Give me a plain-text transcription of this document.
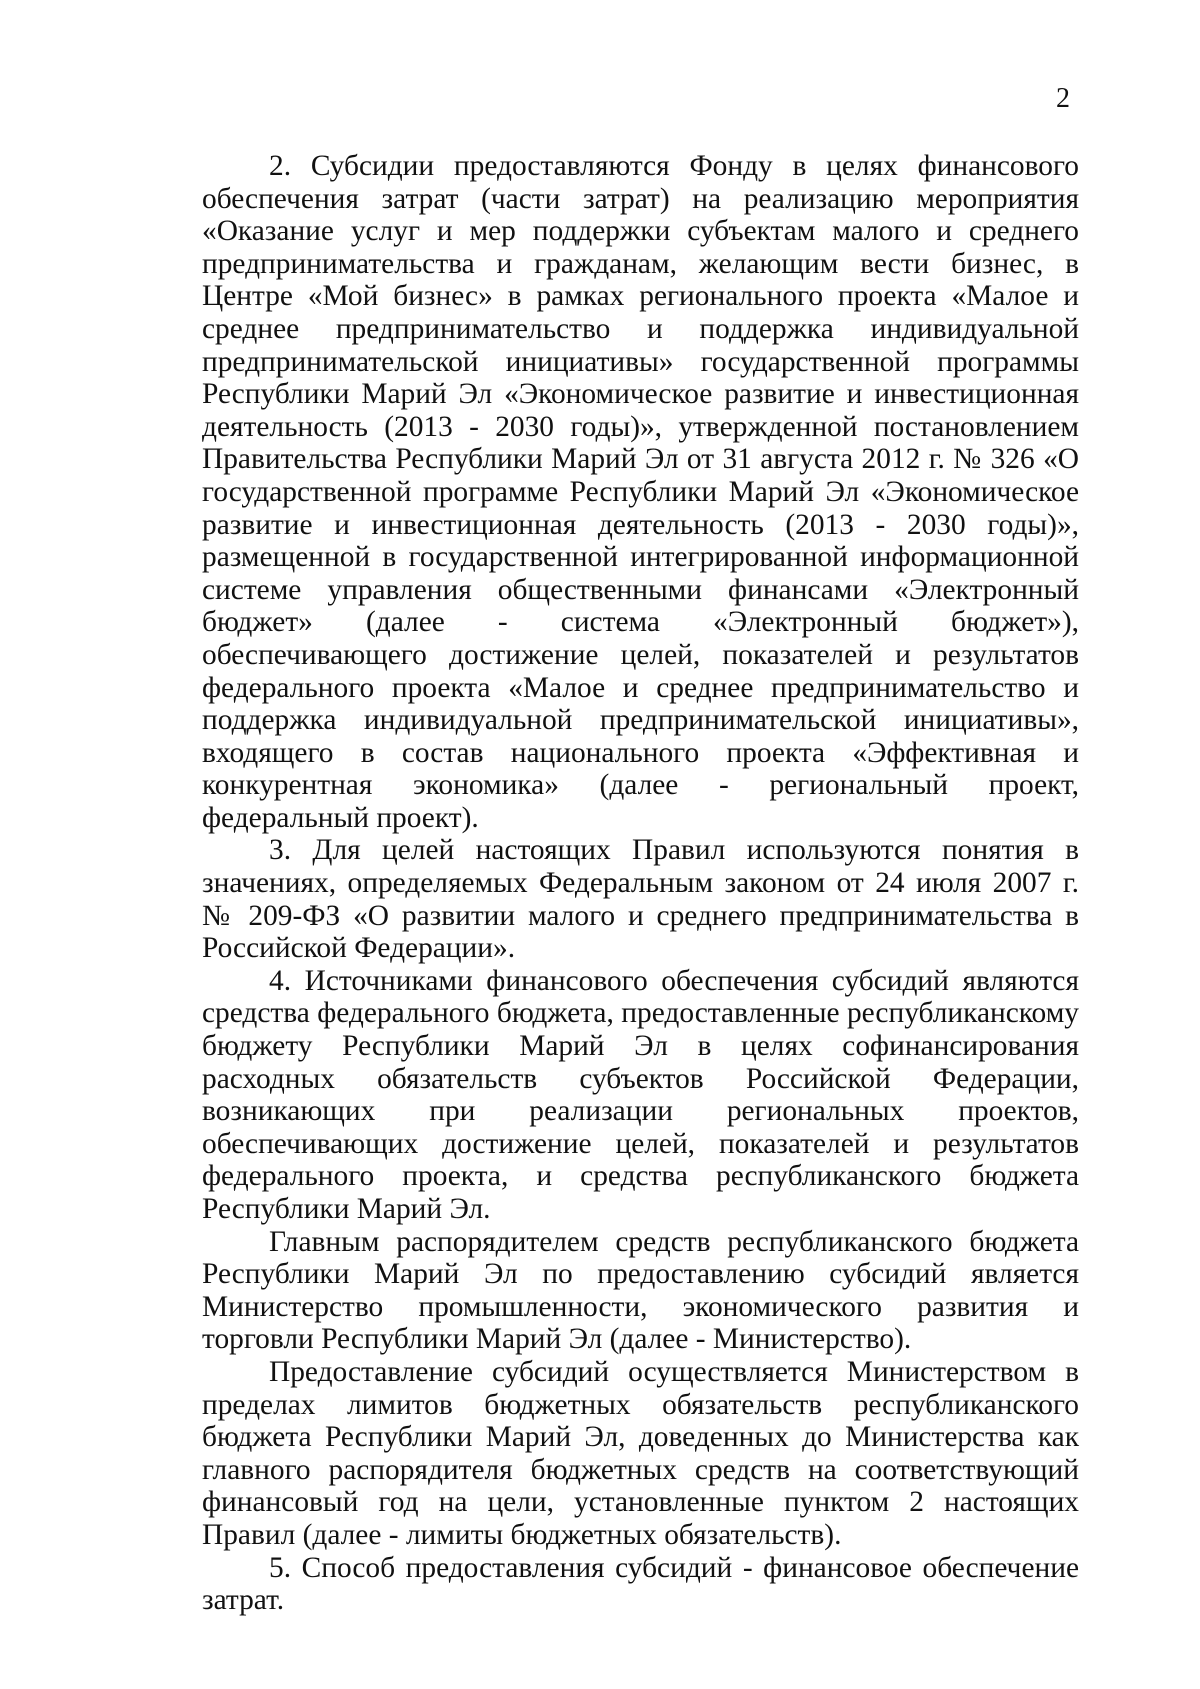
2

2. Субсидии предоставляются Фонду в целях финансового обеспечения затрат (части затрат) на реализацию мероприятия «Оказание услуг и мер поддержки субъектам малого и среднего предпринимательства и гражданам, желающим вести бизнес, в Центре «Мой бизнес» в рамках регионального проекта «Малое и среднее предпринимательство и поддержка индивидуальной предпринимательской инициативы» государственной программы Республики Марий Эл «Экономическое развитие и инвестиционная деятельность (2013 - 2030 годы)», утвержденной постановлением Правительства Республики Марий Эл от 31 августа 2012 г. № 326 «О государственной программе Республики Марий Эл «Экономическое развитие и инвестиционная деятельность (2013 - 2030 годы)», размещенной в государственной интегрированной информационной системе управления общественными финансами «Электронный бюджет» (далее - система «Электронный бюджет»), обеспечивающего достижение целей, показателей и результатов федерального проекта «Малое и среднее предпринимательство и поддержка индивидуальной предпринимательской инициативы», входящего в состав национального проекта «Эффективная и конкурентная экономика» (далее - региональный проект, федеральный проект).

3. Для целей настоящих Правил используются понятия в значениях, определяемых Федеральным законом от 24 июля 2007 г. № 209-ФЗ «О развитии малого и среднего предпринимательства в Российской Федерации».

4. Источниками финансового обеспечения субсидий являются средства федерального бюджета, предоставленные республиканскому бюджету Республики Марий Эл в целях софинансирования расходных обязательств субъектов Российской Федерации, возникающих при реализации региональных проектов, обеспечивающих достижение целей, показателей и результатов федерального проекта, и средства республиканского бюджета Республики Марий Эл.

Главным распорядителем средств республиканского бюджета Республики Марий Эл по предоставлению субсидий является Министерство промышленности, экономического развития и торговли Республики Марий Эл (далее - Министерство).

Предоставление субсидий осуществляется Министерством в пределах лимитов бюджетных обязательств республиканского бюджета Республики Марий Эл, доведенных до Министерства как главного распорядителя бюджетных средств на соответствующий финансовый год на цели, установленные пунктом 2 настоящих Правил (далее - лимиты бюджетных обязательств).

5. Способ предоставления субсидий - финансовое обеспечение затрат.
